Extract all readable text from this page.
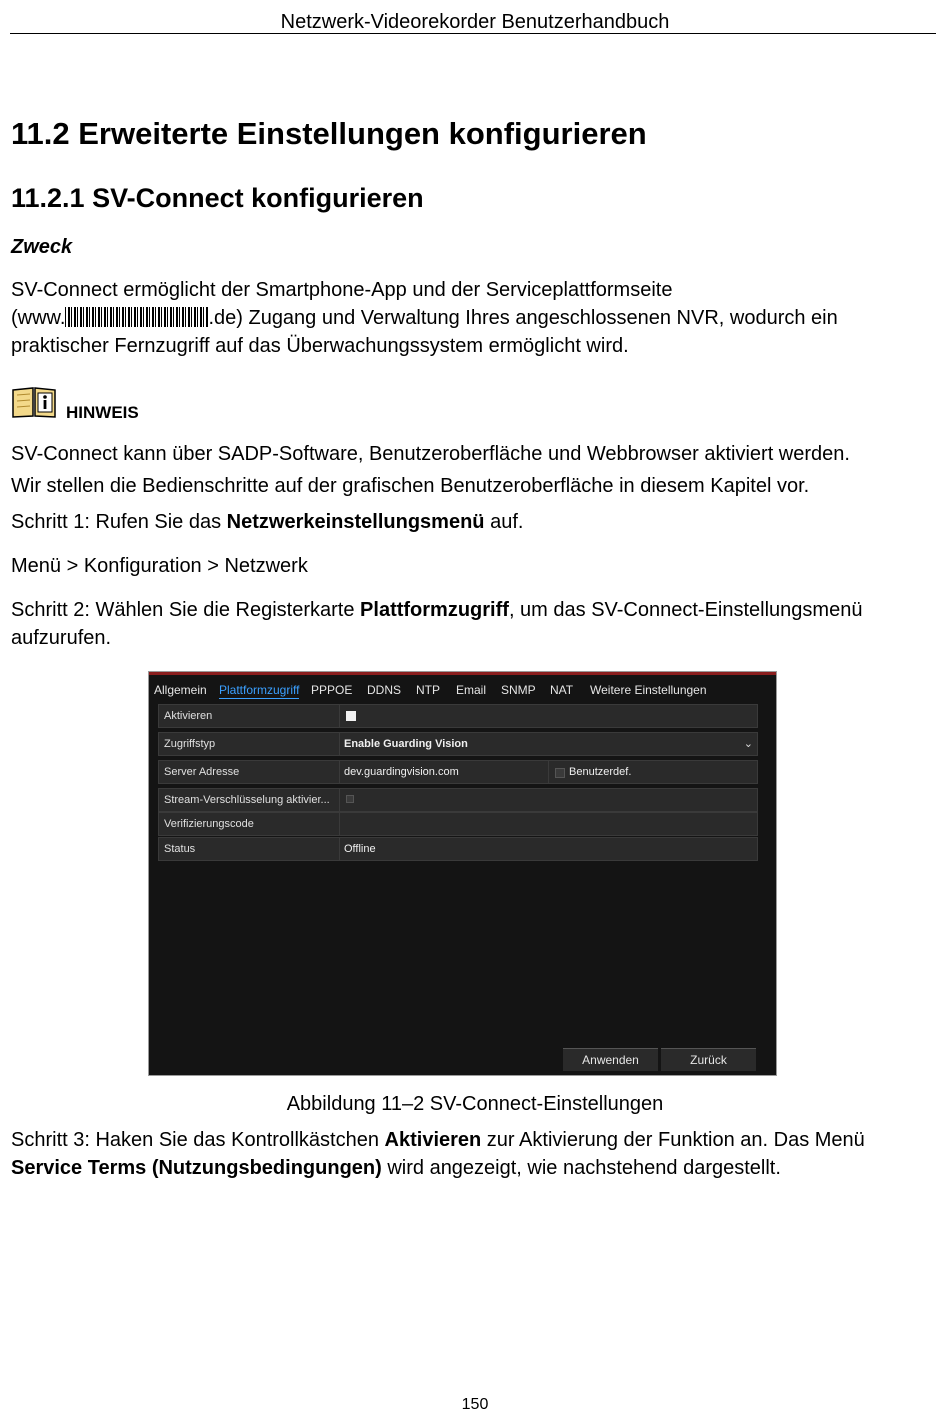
Netzwerk-Videorekorder Benutzerhandbuch
11.2 Erweiterte Einstellungen konfigurieren
11.2.1 SV-Connect konfigurieren
Zweck
SV-Connect ermöglicht der Smartphone-App und der Serviceplattformseite
(www.	.de) Zugang und Verwaltung Ihres angeschlossenen NVR, wodurch ein
praktischer Fernzugriff auf das Überwachungssystem ermöglicht wird.
HINWEIS
SV-Connect kann über SADP-Software, Benutzeroberfläche und Webbrowser aktiviert werden.
Wir stellen die Bedienschritte auf der grafischen Benutzeroberfläche in diesem Kapitel vor.
Schritt 1: Rufen Sie das Netzwerkeinstellungsmenü auf.
Menü > Konfiguration > Netzwerk
Schritt 2: Wählen Sie die Registerkarte Plattformzugriff, um das SV-Connect-Einstellungsmenü
aufzurufen.
Allgemein Plattformzugriff PPPOE DDNS NTP Email SNMP NAT Weitere Einstellungen
Aktivieren
Zugriffstyp	Enable Guarding Vision	⌄
Server Adresse	dev.guardingvision.com	Benutzerdef.
Stream-Verschlüsselung aktivier...
Verifizierungscode
Status	Offline
Anwenden	Zurück
Abbildung 11–2 SV-Connect-Einstellungen
Schritt 3: Haken Sie das Kontrollkästchen Aktivieren zur Aktivierung der Funktion an. Das Menü
Service Terms (Nutzungsbedingungen) wird angezeigt, wie nachstehend dargestellt.
150
